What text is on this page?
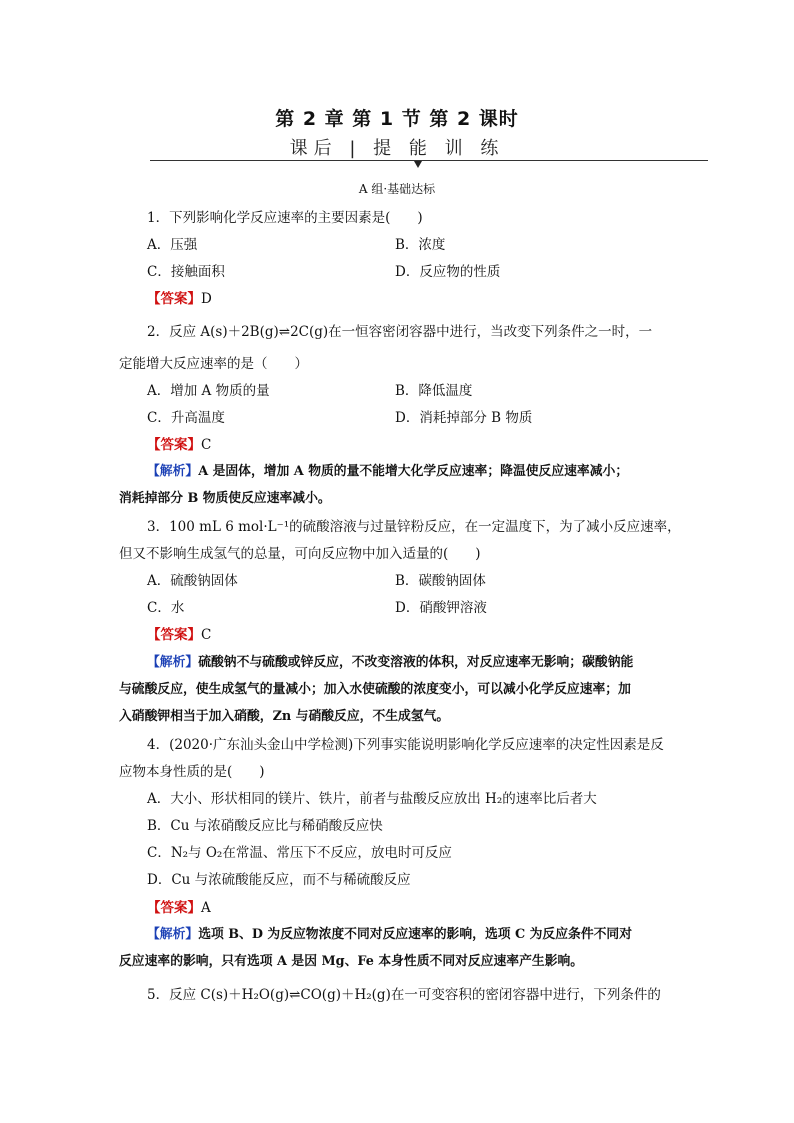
第 2 章 第 1 节 第 2 课时
课后 | 提 能 训 练
A 组·基础达标
1．下列影响化学反应速率的主要因素是(　　)
A．压强	B．浓度
C．接触面积	D．反应物的性质
【答案】D
2．反应 A(s)＋2B(g)⇌2C(g)在一恒容密闭容器中进行，当改变下列条件之一时，一
定能增大反应速率的是（　　）
A．增加 A 物质的量	B．降低温度
C．升高温度	D．消耗掉部分 B 物质
【答案】C
【解析】A 是固体，增加 A 物质的量不能增大化学反应速率；降温使反应速率减小；
消耗掉部分 B 物质使反应速率减小。
3．100 mL 6 mol·L⁻¹的硫酸溶液与过量锌粉反应，在一定温度下，为了减小反应速率，
但又不影响生成氢气的总量，可向反应物中加入适量的(　　)
A．硫酸钠固体	B．碳酸钠固体
C．水	D．硝酸钾溶液
【答案】C
【解析】硫酸钠不与硫酸或锌反应，不改变溶液的体积，对反应速率无影响；碳酸钠能
与硫酸反应，使生成氢气的量减小；加入水使硫酸的浓度变小，可以减小化学反应速率；加
入硝酸钾相当于加入硝酸，Zn 与硝酸反应，不生成氢气。
4．(2020·广东汕头金山中学检测)下列事实能说明影响化学反应速率的决定性因素是反
应物本身性质的是(　　)
A．大小、形状相同的镁片、铁片，前者与盐酸反应放出 H₂的速率比后者大
B．Cu 与浓硝酸反应比与稀硝酸反应快
C．N₂与 O₂在常温、常压下不反应，放电时可反应
D．Cu 与浓硫酸能反应，而不与稀硫酸反应
【答案】A
【解析】选项 B、D 为反应物浓度不同对反应速率的影响，选项 C 为反应条件不同对
反应速率的影响，只有选项 A 是因 Mg、Fe 本身性质不同对反应速率产生影响。
5．反应 C(s)＋H₂O(g)⇌CO(g)＋H₂(g)在一可变容积的密闭容器中进行，下列条件的
